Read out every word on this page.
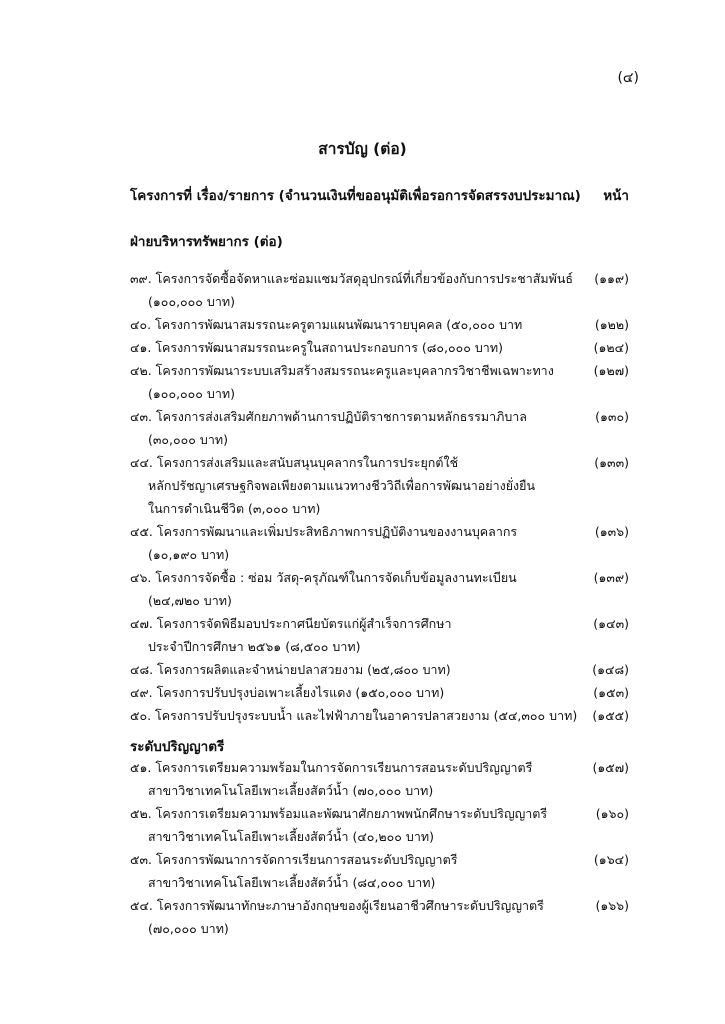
(๔)
สารบัญ (ต่อ)
โครงการที่ เรื่อง/รายการ (จำนวนเงินที่ขออนุมัติเพื่อรอการจัดสรรงบประมาณ) หน้า
ฝ่ายบริหารทรัพยากร (ต่อ)
๓๙. โครงการจัดซื้อจัดหาและซ่อมแซมวัสดุอุปกรณ์ที่เกี่ยวข้องกับการประชาสัมพันธ์ (๑๑๙)
(๑๐๐,๐๐๐ บาท)
๔๐. โครงการพัฒนาสมรรถนะครูตามแผนพัฒนารายบุคคล (๕๐,๐๐๐ บาท	(๑๒๒)
๔๑. โครงการพัฒนาสมรรถนะครูในสถานประกอบการ (๘๐,๐๐๐ บาท)	(๑๒๔)
๔๒. โครงการพัฒนาระบบเสริมสร้างสมรรถนะครูและบุคลากรวิชาชีพเฉพาะทาง	(๑๒๗)
(๑๐๐,๐๐๐ บาท)
๔๓. โครงการส่งเสริมศักยภาพด้านการปฏิบัติราชการตามหลักธรรมาภิบาล	(๑๓๐)
(๓๐,๐๐๐ บาท)
๔๔. โครงการส่งเสริมและสนับสนุนบุคลากรในการประยุกต์ใช้	(๑๓๓)
หลักปรัชญาเศรษฐกิจพอเพียงตามแนวทางชีววิถีเพื่อการพัฒนาอย่างยั่งยืน
ในการดำเนินชีวิต (๓,๐๐๐ บาท)
๔๕. โครงการพัฒนาและเพิ่มประสิทธิภาพการปฏิบัติงานของงานบุคลากร	(๑๓๖)
(๑๐,๑๙๐ บาท)
๔๖. โครงการจัดซื้อ : ซ่อม วัสดุ-ครุภัณฑ์ในการจัดเก็บข้อมูลงานทะเบียน	(๑๓๙)
(๒๔,๗๒๐ บาท)
๔๗. โครงการจัดพิธีมอบประกาศนียบัตรแก่ผู้สำเร็จการศึกษา	(๑๔๓)
ประจำปีการศึกษา ๒๕๖๑ (๘,๕๐๐ บาท)
๔๘. โครงการผลิตและจำหน่ายปลาสวยงาม (๒๕,๘๐๐ บาท)	(๑๔๘)
๔๙. โครงการปรับปรุงบ่อเพาะเลี้ยงไรแดง (๑๕๐,๐๐๐ บาท)	(๑๕๓)
๕๐. โครงการปรับปรุงระบบน้ำ และไฟฟ้าภายในอาคารปลาสวยงาม (๕๔,๓๐๐ บาท) (๑๕๕)
ระดับปริญญาตรี
๕๑. โครงการเตรียมความพร้อมในการจัดการเรียนการสอนระดับปริญญาตรี	(๑๕๗)
สาขาวิชาเทคโนโลยีเพาะเลี้ยงสัตว์น้ำ (๗๐,๐๐๐ บาท)
๕๒. โครงการเตรียมความพร้อมและพัฒนาศักยภาพพนักศึกษาระดับปริญญาตรี	(๑๖๐)
สาขาวิชาเทคโนโลยีเพาะเลี้ยงสัตว์น้ำ (๔๐,๒๐๐ บาท)
๕๓. โครงการพัฒนาการจัดการเรียนการสอนระดับปริญญาตรี	(๑๖๔)
สาขาวิชาเทคโนโลยีเพาะเลี้ยงสัตว์น้ำ (๘๔,๐๐๐ บาท)
๕๔. โครงการพัฒนาทักษะภาษาอังกฤษของผู้เรียนอาชีวศึกษาระดับปริญญาตรี	(๑๖๖)
(๗๐,๐๐๐ บาท)
